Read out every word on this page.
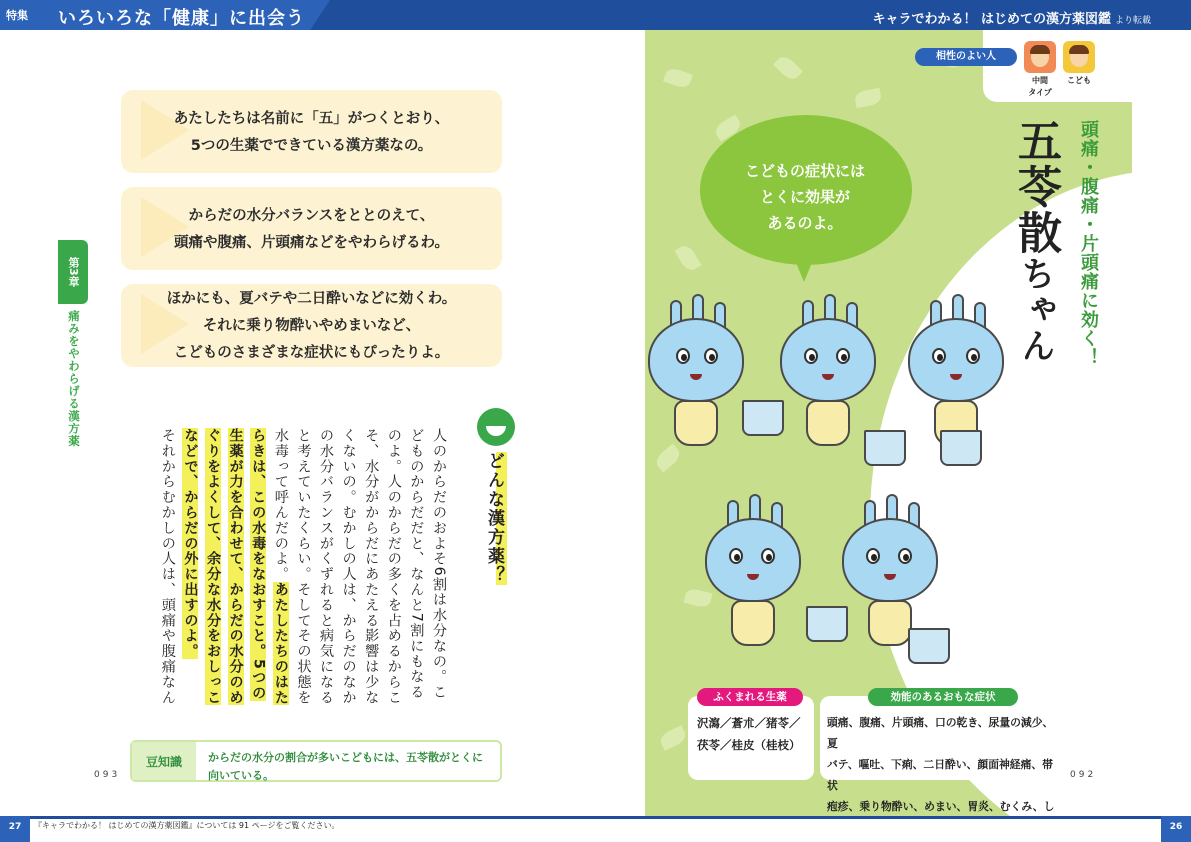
特集 いろいろな「健康」に出会う	キャラでわかる！ はじめての漢方薬図鑑 より転載

あたしたちは名前に「五」がつくとおり、

5つの生薬でできている漢方薬なの。

からだの水分バランスをととのえて、

頭痛や腹痛、片頭痛などをやわらげるわ。

ほかにも、夏バテや二日酔いなどに効くわ。

それに乗り物酔いやめまいなど、

こどものさまざまな症状にもぴったりよ。

第3章
痛みをやわらげる漢方薬
どんな漢方薬？
人のからだのおよそ6割は水分なの。こどものからだだと、なんと7割にもなるのよ。人のからだの多くを占めるからこそ、水分がからだにあたえる影響は少なくないの。むかしの人は、からだのなかの水分バランスがくずれると病気になると考えていたくらい。そしてその状態を水毒って呼んだのよ。あたしたちのはたらきは、この水毒をなおすこと。5つの生薬が力を合わせて、からだの水分のめぐりをよくして、余分な水分をおしっこなどで、からだの外に出すのよ。
それからむかしの人は、頭痛や腹痛なん
豆知識	からだの水分の割合が多いこどもには、五苓散がとくに向いている。
093
相性のよい人
中間
タイプ
こども
五苓散ちゃん 頭痛・腹痛・片頭痛に効く！
こどもの症状には
とくに効果が
あるのよ。
ふくまれる生薬
沢瀉／蒼朮／猪苓／
茯苓／桂皮（桂枝）
効能のあるおもな症状
頭痛、腹痛、片頭痛、口の乾き、尿量の減少、夏
バテ、嘔吐、下痢、二日酔い、顔面神経痛、帯状
疱疹、乗り物酔い、めまい、胃炎、むくみ、し
092
27	26
『キャラでわかる！ はじめての漢方薬図鑑』については 91 ページをご覧ください。
